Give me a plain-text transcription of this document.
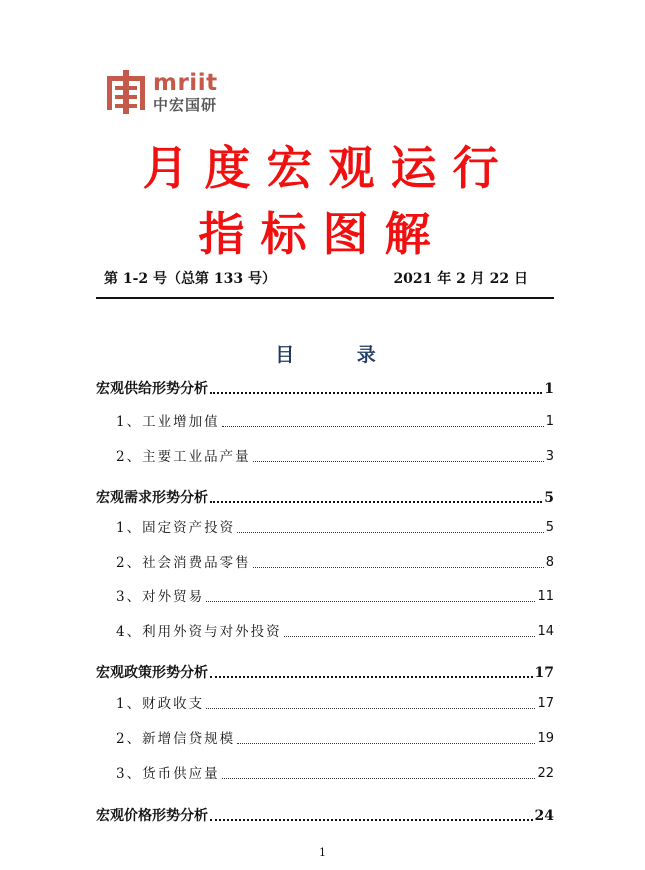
mriit
中宏国研
月度宏观运行
指标图解
第 1-2 号（总第 133 号）	2021 年 2 月 22 日
目 录
宏观供给形势分析	1
1、工业增加值	1
2、主要工业品产量	3
宏观需求形势分析	5
1、固定资产投资	5
2、社会消费品零售	8
3、对外贸易	11
4、利用外资与对外投资	14
宏观政策形势分析	17
1、财政收支	17
2、新增信贷规模	19
3、货币供应量	22
宏观价格形势分析	24
1
